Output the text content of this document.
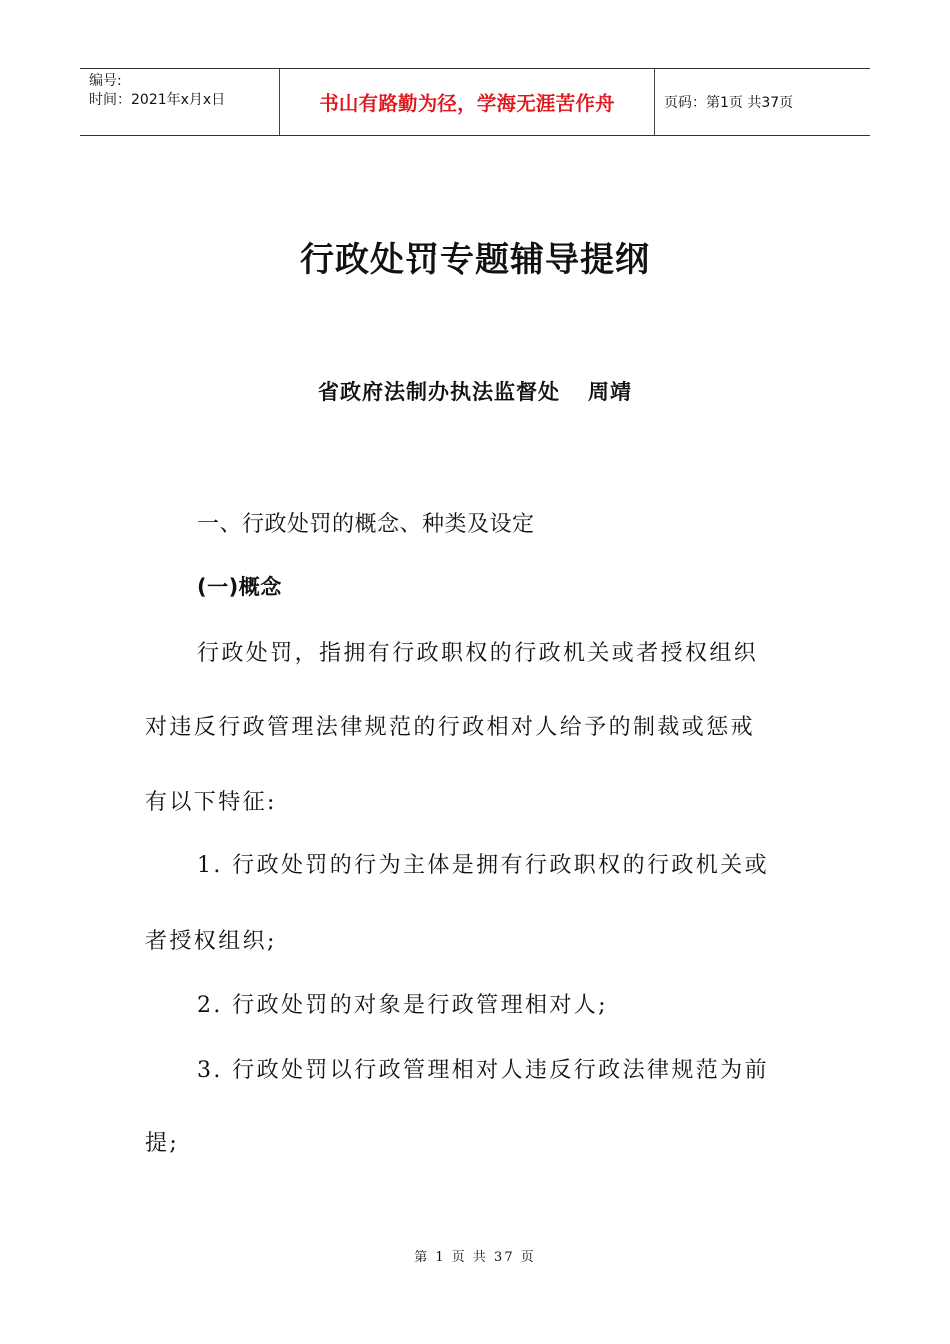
编号:
时间：2021年x月x日	书山有路勤为径，学海无涯苦作舟	页码：第1页 共37页
行政处罚专题辅导提纲
省政府法制办执法监督处 周靖
一、行政处罚的概念、种类及设定
(一)概念
行政处罚，指拥有行政职权的行政机关或者授权组织
对违反行政管理法律规范的行政相对人给予的制裁或惩戒
有以下特征:
1. 行政处罚的行为主体是拥有行政职权的行政机关或
者授权组织;
2. 行政处罚的对象是行政管理相对人;
3. 行政处罚以行政管理相对人违反行政法律规范为前
提;
第 1 页 共 37 页
